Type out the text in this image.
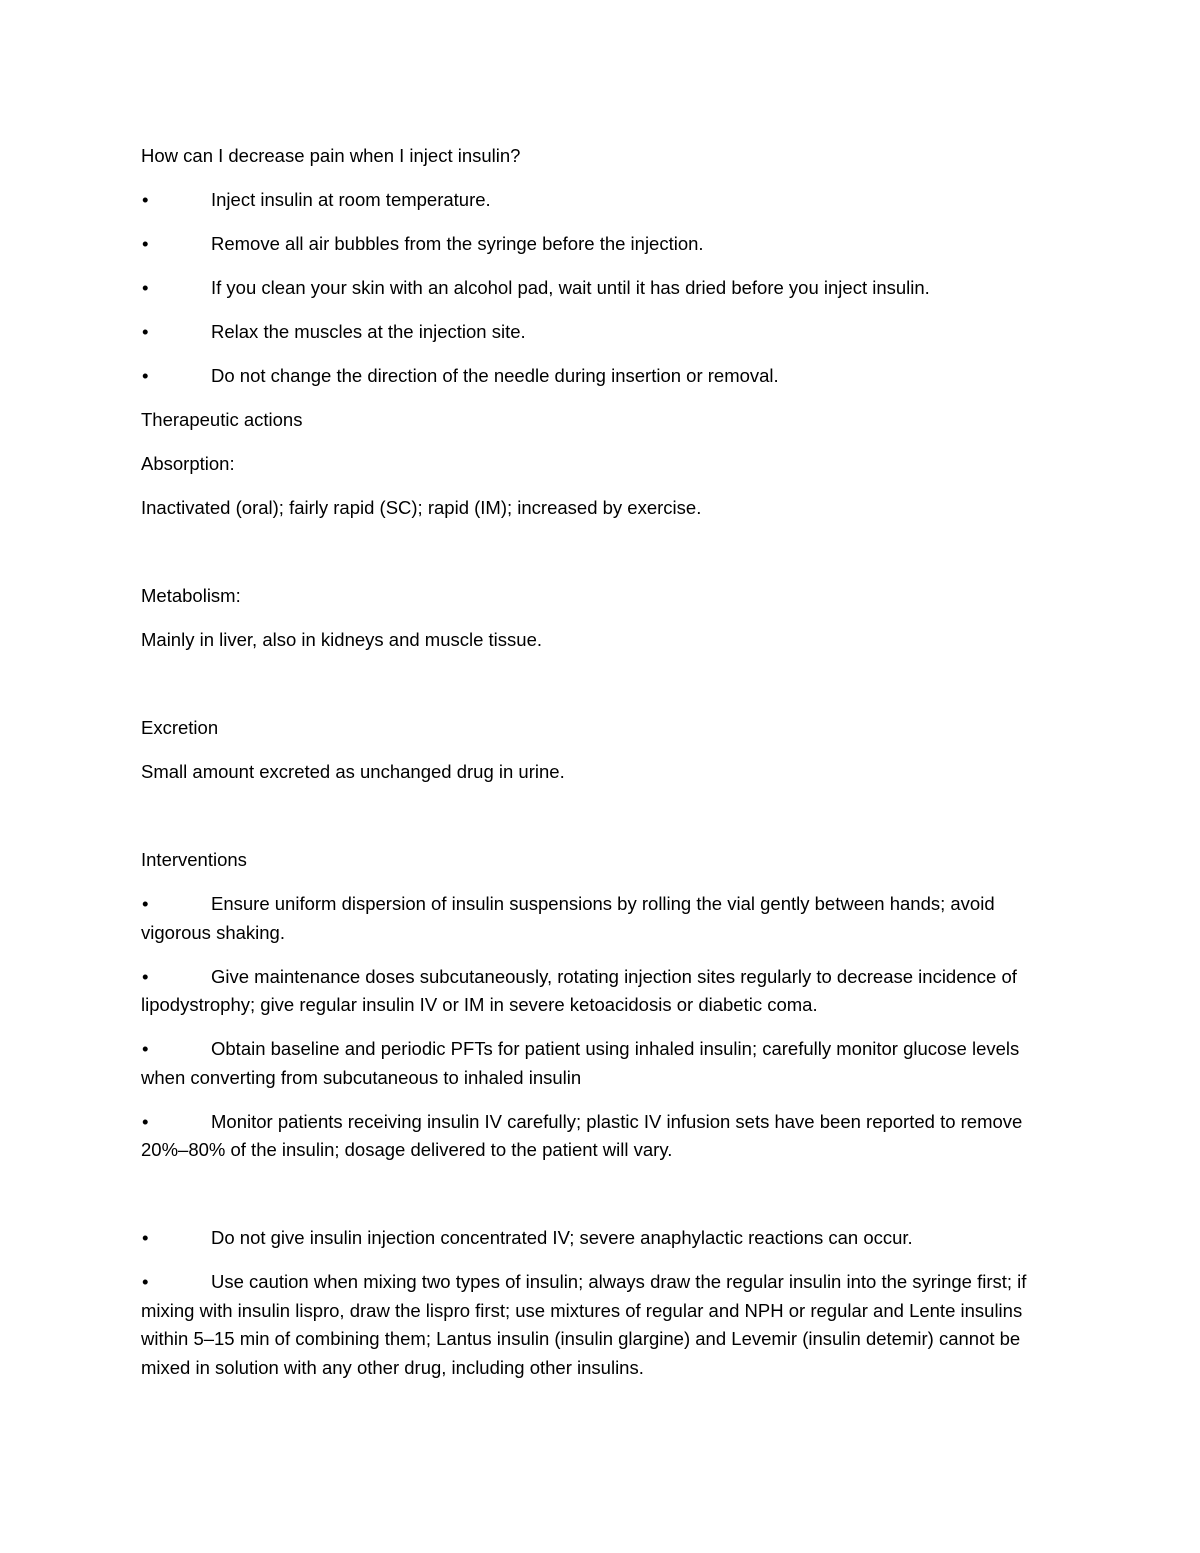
How can I decrease pain when I inject insulin?

•	Inject insulin at room temperature.

•	Remove all air bubbles from the syringe before the injection.

•	If you clean your skin with an alcohol pad, wait until it has dried before you inject insulin.

•	Relax the muscles at the injection site.

•	Do not change the direction of the needle during insertion or removal.

Therapeutic actions

Absorption:

Inactivated (oral); fairly rapid (SC); rapid (IM); increased by exercise.

Metabolism:

Mainly in liver, also in kidneys and muscle tissue.

Excretion

Small amount excreted as unchanged drug in urine.

Interventions

•	Ensure uniform dispersion of insulin suspensions by rolling the vial gently between hands; avoid vigorous shaking.

•	Give maintenance doses subcutaneously, rotating injection sites regularly to decrease incidence of lipodystrophy; give regular insulin IV or IM in severe ketoacidosis or diabetic coma.

•	Obtain baseline and periodic PFTs for patient using inhaled insulin; carefully monitor glucose levels when converting from subcutaneous to inhaled insulin

•	Monitor patients receiving insulin IV carefully; plastic IV infusion sets have been reported to remove 20%–80% of the insulin; dosage delivered to the patient will vary.

•	Do not give insulin injection concentrated IV; severe anaphylactic reactions can occur.

•	Use caution when mixing two types of insulin; always draw the regular insulin into the syringe first; if mixing with insulin lispro, draw the lispro first; use mixtures of regular and NPH or regular and Lente insulins within 5–15 min of combining them; Lantus insulin (insulin glargine) and Levemir (insulin detemir) cannot be mixed in solution with any other drug, including other insulins.
